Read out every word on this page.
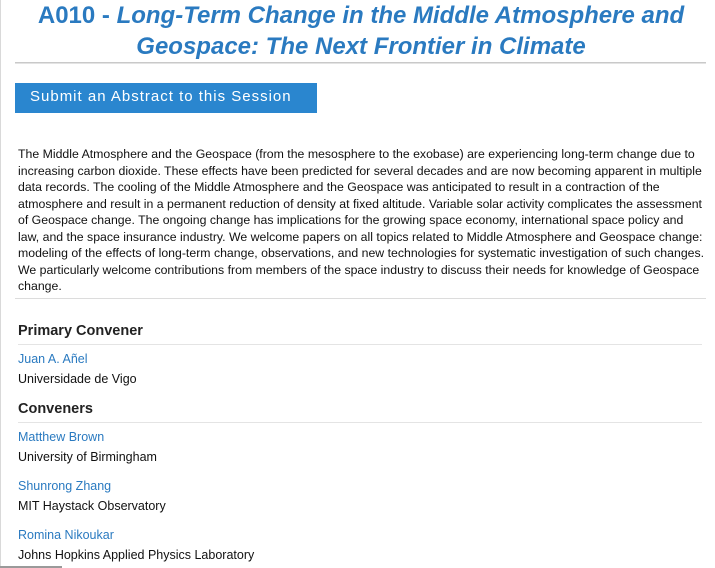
A010 - Long-Term Change in the Middle Atmosphere and Geospace: The Next Frontier in Climate
Submit an Abstract to this Session

The Middle Atmosphere and the Geospace (from the mesosphere to the exobase) are experiencing long-term change due to increasing carbon dioxide. These effects have been predicted for several decades and are now becoming apparent in multiple data records. The cooling of the Middle Atmosphere and the Geospace was anticipated to result in a contraction of the atmosphere and result in a permanent reduction of density at fixed altitude. Variable solar activity complicates the assessment of Geospace change. The ongoing change has implications for the growing space economy, international space policy and law, and the space insurance industry. We welcome papers on all topics related to Middle Atmosphere and Geospace change: modeling of the effects of long-term change, observations, and new technologies for systematic investigation of such changes. We particularly welcome contributions from members of the space industry to discuss their needs for knowledge of Geospace change.

Primary Convener
Juan A. Añel
Universidade de Vigo
Conveners
Matthew Brown
University of Birmingham
Shunrong Zhang
MIT Haystack Observatory
Romina Nikoukar
Johns Hopkins Applied Physics Laboratory
